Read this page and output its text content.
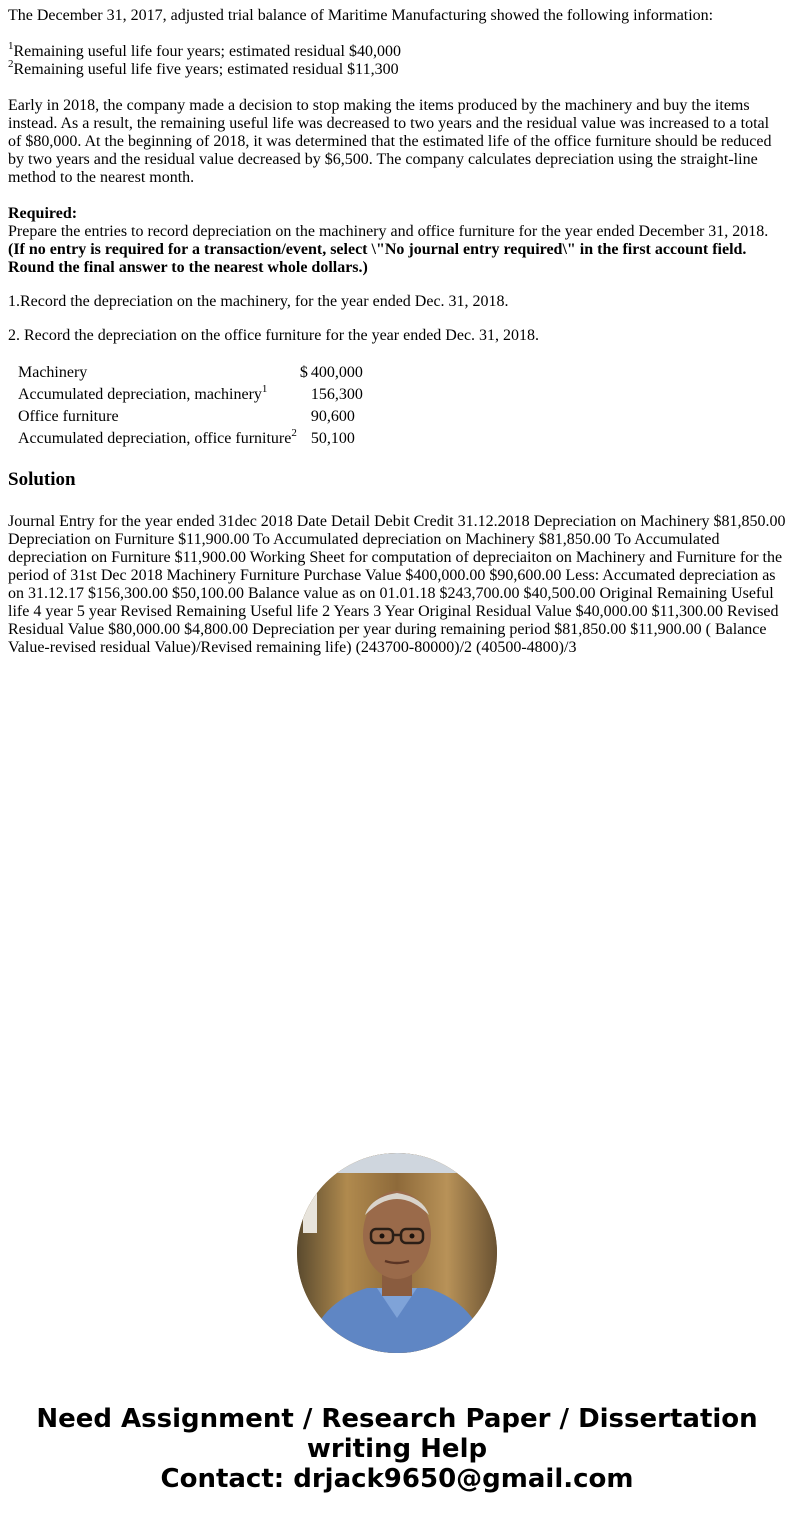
The December 31, 2017, adjusted trial balance of Maritime Manufacturing showed the following information:

$^1$Remaining useful life four years; estimated residual $40,000
$^2$Remaining useful life five years; estimated residual $11,300

Early in 2018, the company made a decision to stop making the items produced by the machinery and buy the items instead. As a result, the remaining useful life was decreased to two years and the residual value was increased to a total of $80,000. At the beginning of 2018, it was determined that the estimated life of the office furniture should be reduced by two years and the residual value decreased by $6,500. The company calculates depreciation using the straight-line method to the nearest month.

Required:
Prepare the entries to record depreciation on the machinery and office furniture for the year ended December 31, 2018.
(If no entry is required for a transaction/event, select \"No journal entry required\" in the first account field. Round the final answer to the nearest whole dollars.)

1.Record the depreciation on the machinery, for the year ended Dec. 31, 2018.

2. Record the depreciation on the office furniture for the year ended Dec. 31, 2018.

Machinery	$	400,000
Accumulated depreciation, machinery$^1$		156,300
Office furniture		90,600
Accumulated depreciation, office furniture$^2$		50,100
Solution

Journal Entry for the year ended 31dec 2018 Date Detail Debit Credit 31.12.2018 Depreciation on Machinery $81,850.00 Depreciation on Furniture $11,900.00 To Accumulated depreciation on Machinery $81,850.00 To Accumulated depreciation on Furniture $11,900.00 Working Sheet for computation of depreciaiton on Machinery and Furniture for the period of 31st Dec 2018 Machinery Furniture Purchase Value $400,000.00 $90,600.00 Less: Accumated depreciation as on 31.12.17 $156,300.00 $50,100.00 Balance value as on 01.01.18 $243,700.00 $40,500.00 Original Remaining Useful life 4 year 5 year Revised Remaining Useful life 2 Years 3 Year Original Residual Value $40,000.00 $11,300.00 Revised Residual Value $80,000.00 $4,800.00 Depreciation per year during remaining period $81,850.00 $11,900.00 ( Balance Value-revised residual Value)/Revised remaining life) (243700-80000)/2 (40500-4800)/3

Need Assignment / Research Paper / Dissertation writing Help
Contact: drjack9650@gmail.com
